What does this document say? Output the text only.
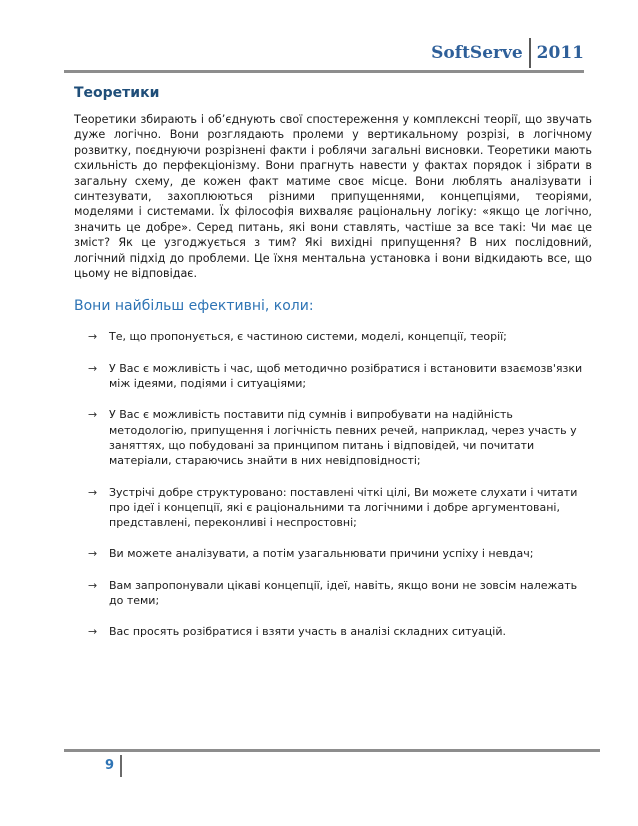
SoftServe 2011
Теоретики

Теоретики збирають і об’єднують свої спостереження у комплексні теорії, що звучать дуже логічно. Вони розглядають пролеми у вертикальному розрізі, в логічному розвитку, поєднуючи розрізнені факти і роблячи загальні висновки. Теоретики мають схильність до перфекціонізму. Вони прагнуть навести у фактах порядок і зібрати в загальну схему, де кожен факт матиме своє місце. Вони люблять аналізувати і синтезувати, захоплюються різними припущеннями, концепціями, теоріями, моделями і системами. Їх філософія вихваляє раціональну логіку: «якщо це логічно, значить це добре». Серед питань, які вони ставлять, частіше за все такі: Чи має це зміст? Як це узгоджується з тим? Які вихідні припущення? В них послідовний, логічний підхід до проблеми. Це їхня ментальна установка і вони відкидають все, що цьому не відповідає.

Вони найбільш ефективні, коли:
→ Те, що пропонується, є частиною системи, моделі, концепції, теорії;
→ У Вас є можливість і час, щоб методично розібратися і встановити взаємозв'язки між ідеями, подіями і ситуаціями;
→ У Вас є можливість поставити під сумнів і випробувати на надійність методологію, припущення і логічність певних речей, наприклад, через участь у заняттях, що побудовані за принципом питань і відповідей, чи почитати матеріали, стараючись знайти в них невідповідності;
→ Зустрічі добре структуровано: поставлені чіткі цілі, Ви можете слухати і читати про ідеї і концепції, які є раціональними та логічними і добре аргументовані, представлені, переконливі і неспростовні;
→ Ви можете аналізувати, а потім узагальнювати причини успіху і невдач;
→ Вам запропонували цікаві концепції, ідеї, навіть, якщо вони не зовсім належать до теми;
→ Вас просять розібратися і взяти участь в аналізі складних ситуацій.
9
